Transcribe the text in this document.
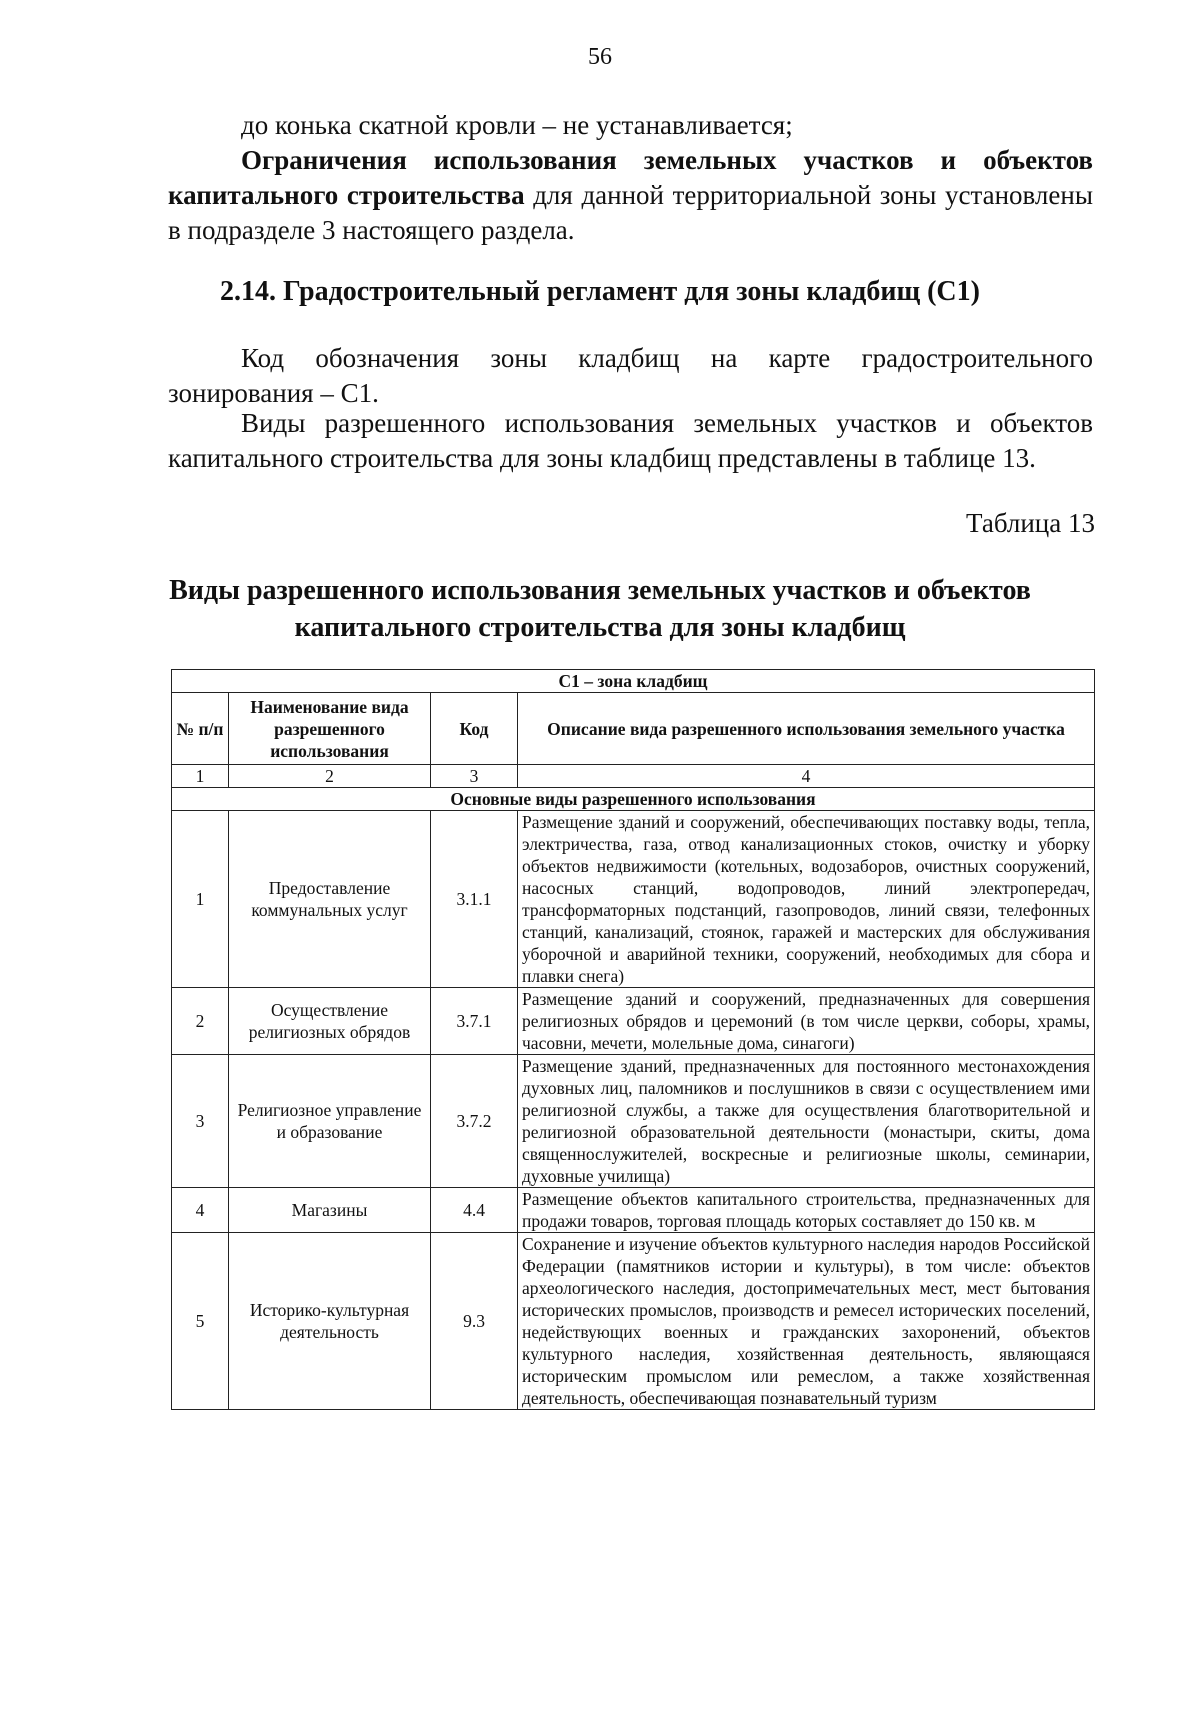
56

до конька скатной кровли – не устанавливается;

Ограничения использования земельных участков и объектов капитального строительства для данной территориальной зоны установлены в подразделе 3 настоящего раздела.

2.14. Градостроительный регламент для зоны кладбищ (С1)

Код обозначения зоны кладбищ на карте градостроительного зонирования – С1.

Виды разрешенного использования земельных участков и объектов капитального строительства для зоны кладбищ представлены в таблице 13.

Таблица 13
Виды разрешенного использования земельных участков и объектов капитального строительства для зоны кладбищ
С1 – зона кладбищ			
№ п/п	Наименование вида разрешенного использования	Код	Описание вида разрешенного использования земельного участка
1	2	3	4
Основные виды разрешенного использования			
1	Предоставление коммунальных услуг	3.1.1	Размещение зданий и сооружений, обеспечивающих поставку воды, тепла, электричества, газа, отвод канализационных стоков, очистку и уборку объектов недвижимости (котельных, водозаборов, очистных сооружений, насосных станций, водопроводов, линий электропередач, трансформаторных подстанций, газопроводов, линий связи, телефонных станций, канализаций, стоянок, гаражей и мастерских для обслуживания уборочной и аварийной техники, сооружений, необходимых для сбора и плавки снега)
2	Осуществление религиозных обрядов	3.7.1	Размещение зданий и сооружений, предназначенных для совершения религиозных обрядов и церемоний (в том числе церкви, соборы, храмы, часовни, мечети, молельные дома, синагоги)
3	Религиозное управление и образование	3.7.2	Размещение зданий, предназначенных для постоянного местонахождения духовных лиц, паломников и послушников в связи с осуществлением ими религиозной службы, а также для осуществления благотворительной и религиозной образовательной деятельности (монастыри, скиты, дома священнослужителей, воскресные и религиозные школы, семинарии, духовные училища)
4	Магазины	4.4	Размещение объектов капитального строительства, предназначенных для продажи товаров, торговая площадь которых составляет до 150 кв. м
5	Историко-культурная деятельность	9.3	Сохранение и изучение объектов культурного наследия народов Российской Федерации (памятников истории и культуры), в том числе: объектов археологического наследия, достопримечательных мест, мест бытования исторических промыслов, производств и ремесел исторических поселений, недействующих военных и гражданских захоронений, объектов культурного наследия, хозяйственная деятельность, являющаяся историческим промыслом или ремеслом, а также хозяйственная деятельность, обеспечивающая познавательный туризм
